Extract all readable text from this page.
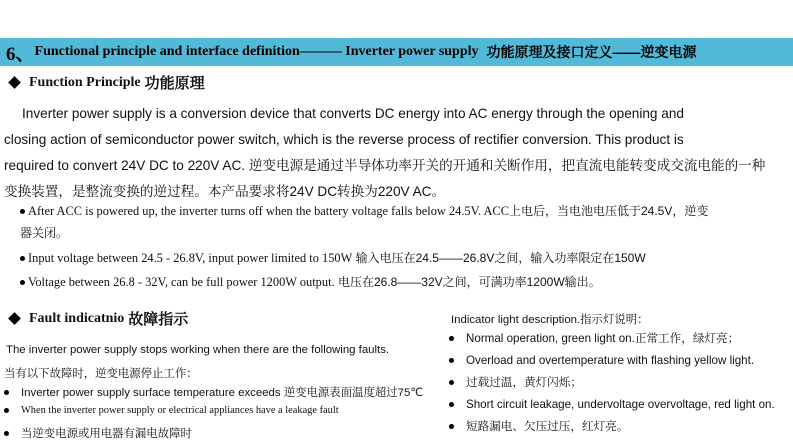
6、 Functional principle and interface definition——— Inverter power supply 功能原理及接口定义——逆变电源
Function Principle 功能原理
Inverter power supply is a conversion device that converts DC energy into AC energy through the opening and
closing action of semiconductor power switch, which is the reverse process of rectifier conversion. This product is
required to convert 24V DC to 220V AC. 逆变电源是通过半导体功率开关的开通和关断作用，把直流电能转变成交流电能的一种
变换装置，是整流变换的逆过程。本产品要求将24V DC转换为220V AC。
After ACC is powered up, the inverter turns off when the battery voltage falls below 24.5V. ACC上电后，当电池电压低于24.5V，逆变
器关闭。
Input voltage between 24.5 - 26.8V, input power limited to 150W 输入电压在24.5——26.8V之间，输入功率限定在150W
Voltage between 26.8 - 32V, can be full power 1200W output. 电压在26.8——32V之间，可满功率1200W输出。
Fault indicatnio 故障指示

The inverter power supply stops working when there are the following faults.

当有以下故障时，逆变电源停止工作：

Inverter power supply surface temperature exceeds 逆变电源表面温度超过75℃

When the inverter power supply or electrical appliances have a leakage fault

当逆变电源或用电器有漏电故障时

Indicator light description.指示灯说明：

Normal operation, green light on.正常工作，绿灯亮；
Overload and overtemperature with flashing yellow light.
过载过温，黄灯闪烁；
Short circuit leakage, undervoltage overvoltage, red light on.
短路漏电、欠压过压，红灯亮。
